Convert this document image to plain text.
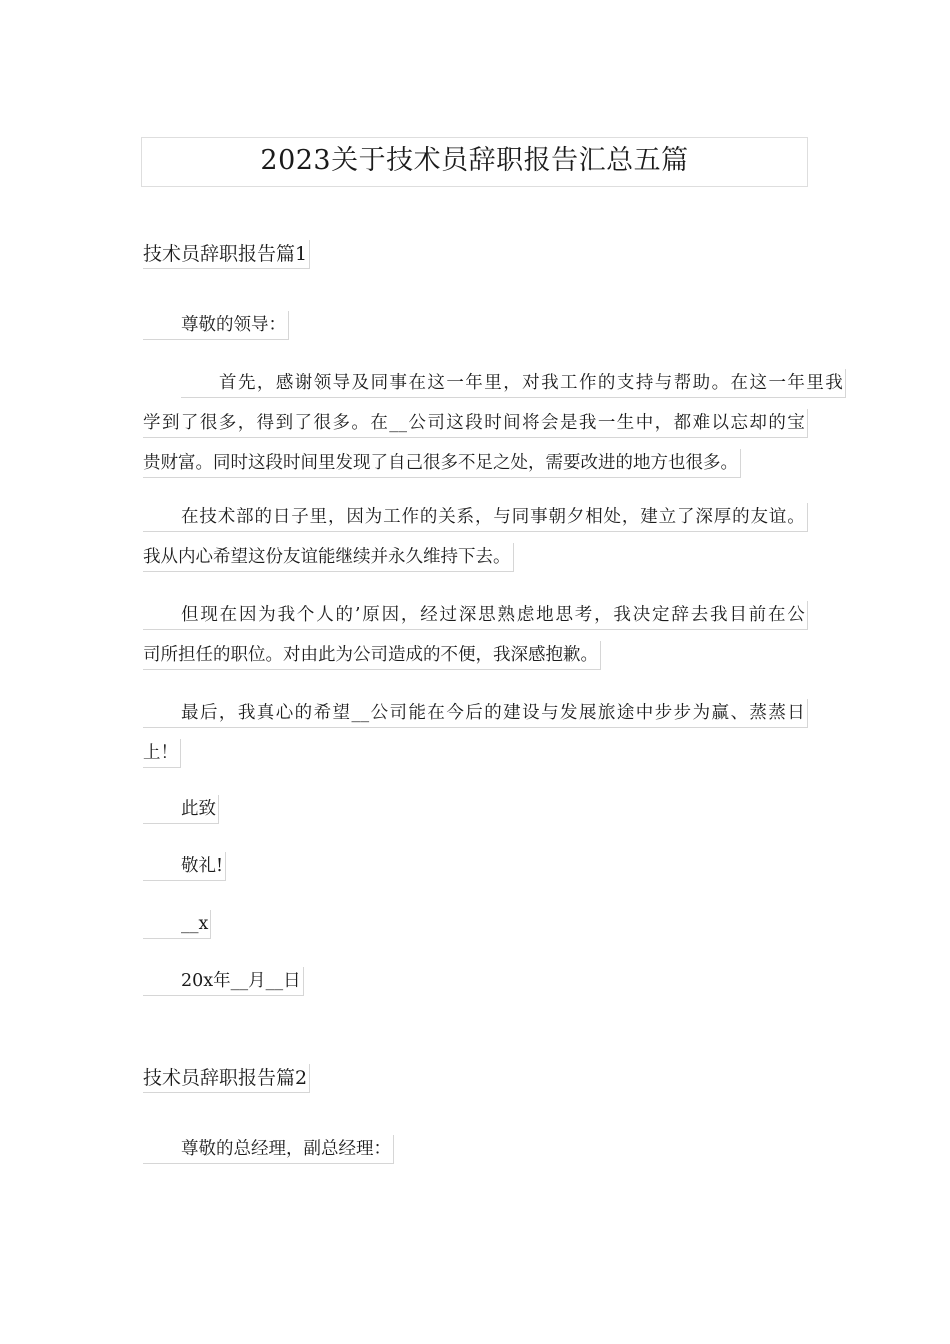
2023关于技术员辞职报告汇总五篇
技术员辞职报告篇1
尊敬的领导：
首先，感谢领导及同事在这一年里，对我工作的支持与帮助。在这一年里我
学到了很多，得到了很多。在__公司这段时间将会是我一生中，都难以忘却的宝
贵财富。同时这段时间里发现了自己很多不足之处，需要改进的地方也很多。
在技术部的日子里，因为工作的关系，与同事朝夕相处，建立了深厚的友谊。
我从内心希望这份友谊能继续并永久维持下去。
但现在因为我个人的’原因，经过深思熟虑地思考，我决定辞去我目前在公
司所担任的职位。对由此为公司造成的不便，我深感抱歉。
最后，我真心的希望__公司能在今后的建设与发展旅途中步步为赢、蒸蒸日
上！
此致
敬礼!
__x
20x年__月__日
技术员辞职报告篇2
尊敬的总经理，副总经理：
